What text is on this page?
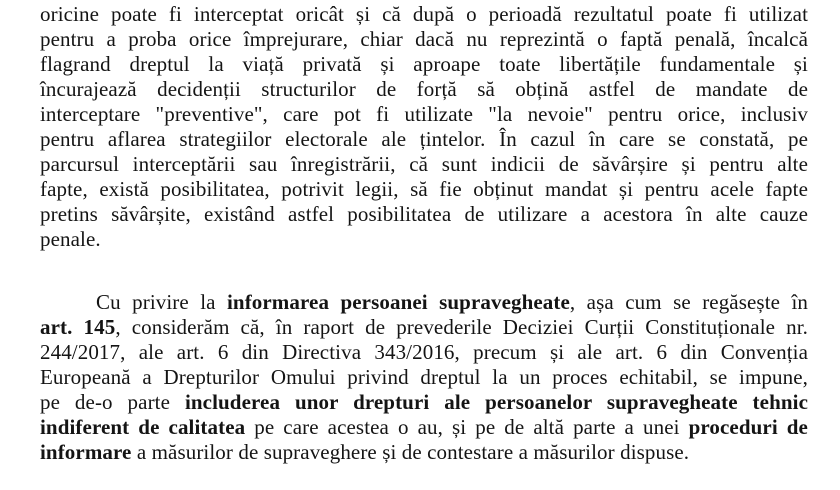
oricine poate fi interceptat oricât și că după o perioadă rezultatul poate fi utilizat
pentru a proba orice împrejurare, chiar dacă nu reprezintă o faptă penală, încalcă
flagrand dreptul la viață privată și aproape toate libertățile fundamentale și
încurajează decidenții structurilor de forță să obțină astfel de mandate de
interceptare "preventive", care pot fi utilizate "la nevoie" pentru orice, inclusiv
pentru aflarea strategiilor electorale ale țintelor. În cazul în care se constată, pe
parcursul interceptării sau înregistrării, că sunt indicii de săvârșire și pentru alte
fapte, există posibilitatea, potrivit legii, să fie obținut mandat și pentru acele fapte
pretins săvârșite, existând astfel posibilitatea de utilizare a acestora în alte cauze
penale.
Cu privire la informarea persoanei supravegheate, așa cum se regăsește în
art. 145, considerăm că, în raport de prevederile Deciziei Curții Constituționale nr.
244/2017, ale art. 6 din Directiva 343/2016, precum și ale art. 6 din Convenția
Europeană a Drepturilor Omului privind dreptul la un proces echitabil, se impune,
pe de-o parte includerea unor drepturi ale persoanelor supravegheate tehnic
indiferent de calitatea pe care acestea o au, și pe de altă parte a unei proceduri de
informare a măsurilor de supraveghere și de contestare a măsurilor dispuse.
